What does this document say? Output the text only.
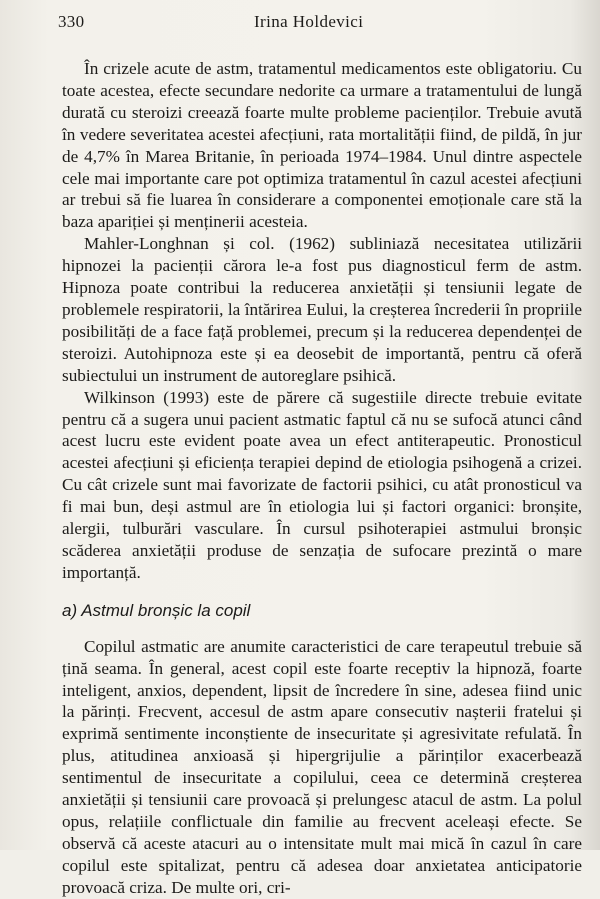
330	Irina Holdevici

În crizele acute de astm, tratamentul medicamentos este obligatoriu. Cu toate acestea, efecte secundare nedorite ca urmare a tratamentului de lungă durată cu steroizi creează foarte multe probleme pacienților. Trebuie avută în vedere severitatea acestei afecțiuni, rata mortalității fiind, de pildă, în jur de 4,7% în Marea Britanie, în perioada 1974–1984. Unul dintre aspectele cele mai importante care pot optimiza tratamentul în cazul acestei afecțiuni ar trebui să fie luarea în considerare a componentei emoționale care stă la baza apariției și menținerii acesteia.

Mahler-Longhnan și col. (1962) subliniază necesitatea utilizării hipnozei la pacienții cărora le-a fost pus diagnosticul ferm de astm. Hipnoza poate contribui la reducerea anxietății și tensiunii legate de problemele respiratorii, la întărirea Eului, la creșterea încrederii în propriile posibilități de a face față problemei, precum și la reducerea dependenței de steroizi. Autohipnoza este și ea deosebit de importantă, pentru că oferă subiectului un instrument de autoreglare psihică.

Wilkinson (1993) este de părere că sugestiile directe trebuie evitate pentru că a sugera unui pacient astmatic faptul că nu se sufocă atunci când acest lucru este evident poate avea un efect antiterapeutic. Pronosticul acestei afecțiuni și eficiența terapiei depind de etiologia psihogenă a crizei. Cu cât crizele sunt mai favorizate de factorii psihici, cu atât pronosticul va fi mai bun, deși astmul are în etiologia lui și factori organici: bronșite, alergii, tulburări vasculare. În cursul psihoterapiei astmului bronșic scăderea anxietății produse de senzația de sufocare prezintă o mare importanță.

a) Astmul bronșic la copil

Copilul astmatic are anumite caracteristici de care terapeutul trebuie să țină seama. În general, acest copil este foarte receptiv la hipnoză, foarte inteligent, anxios, dependent, lipsit de încredere în sine, adesea fiind unic la părinți. Frecvent, accesul de astm apare consecutiv nașterii fratelui și exprimă sentimente inconștiente de insecuritate și agresivitate refulată. În plus, atitudinea anxioasă și hipergrijulie a părinților exacerbează sentimentul de insecuritate a copilului, ceea ce determină creșterea anxietății și tensiunii care provoacă și prelungesc atacul de astm. La polul opus, relațiile conflictuale din familie au frecvent aceleași efecte. Se observă că aceste atacuri au o intensitate mult mai mică în cazul în care copilul este spitalizat, pentru că adesea doar anxietatea anticipatorie provoacă criza. De multe ori, cri-
